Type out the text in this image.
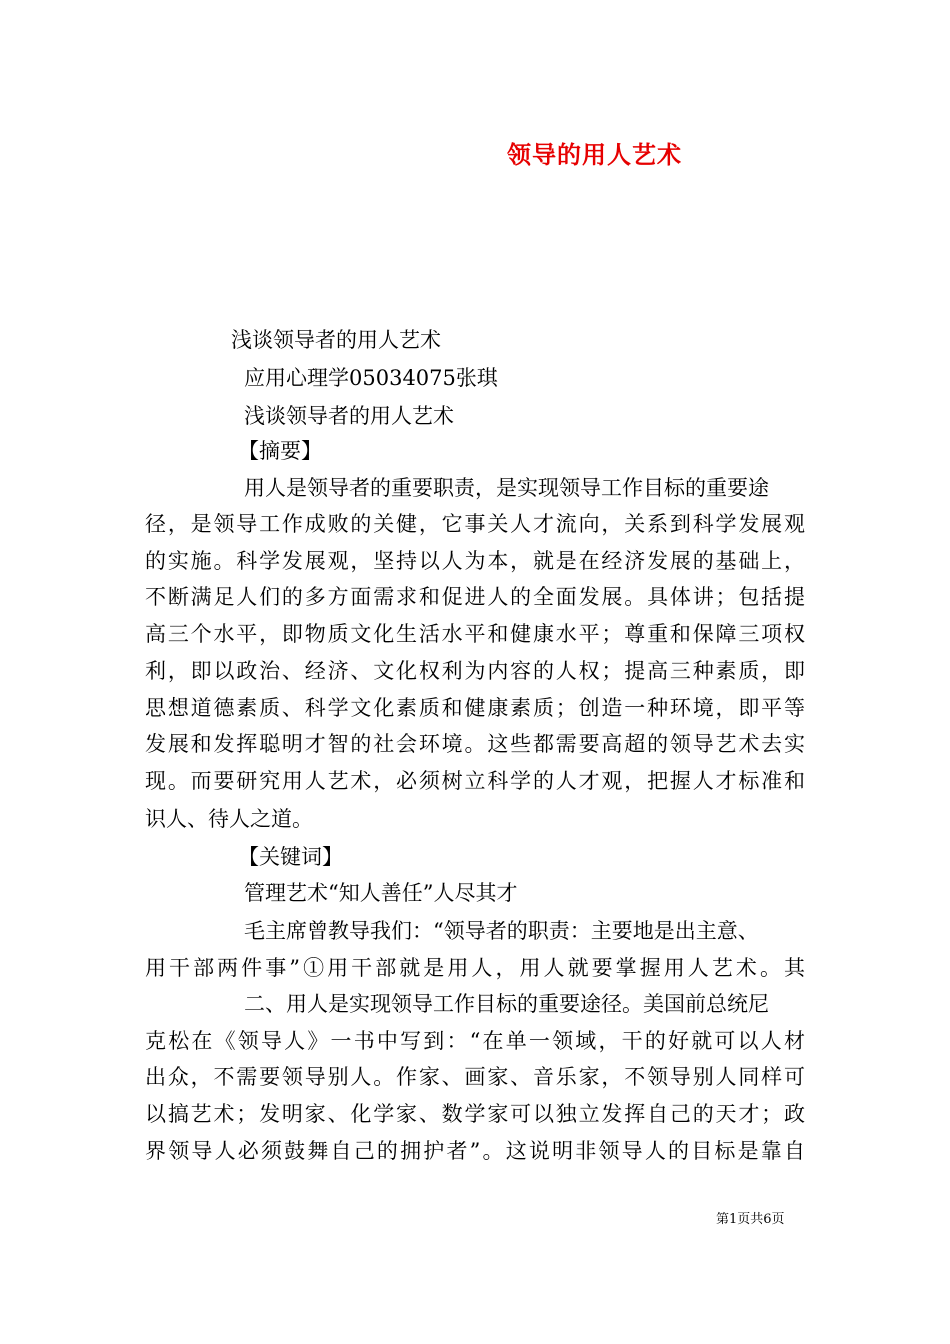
领导的用人艺术

浅谈领导者的用人艺术

应用心理学05034075张琪

浅谈领导者的用人艺术

【摘要】

用人是领导者的重要职责，是实现领导工作目标的重要途

径，是领导工作成败的关健，它事关人才流向，关系到科学发展观

的实施。科学发展观，坚持以人为本，就是在经济发展的基础上，

不断满足人们的多方面需求和促进人的全面发展。具体讲；包括提

高三个水平，即物质文化生活水平和健康水平；尊重和保障三项权

利，即以政治、经济、文化权利为内容的人权；提高三种素质，即

思想道德素质、科学文化素质和健康素质；创造一种环境，即平等

发展和发挥聪明才智的社会环境。这些都需要高超的领导艺术去实

现。而要研究用人艺术，必须树立科学的人才观，把握人才标准和

识人、待人之道。

【关键词】

管理艺术“知人善任”人尽其才

毛主席曾教导我们：“领导者的职责：主要地是出主意、

用干部两件事”①用干部就是用人，用人就要掌握用人艺术。其

二、用人是实现领导工作目标的重要途径。美国前总统尼

克松在《领导人》一书中写到：“在单一领域，干的好就可以人材

出众，不需要领导别人。作家、画家、音乐家，不领导别人同样可

以搞艺术；发明家、化学家、数学家可以独立发挥自己的天才；政

界领导人必须鼓舞自己的拥护者”。这说明非领导人的目标是靠自

第1页共6页
